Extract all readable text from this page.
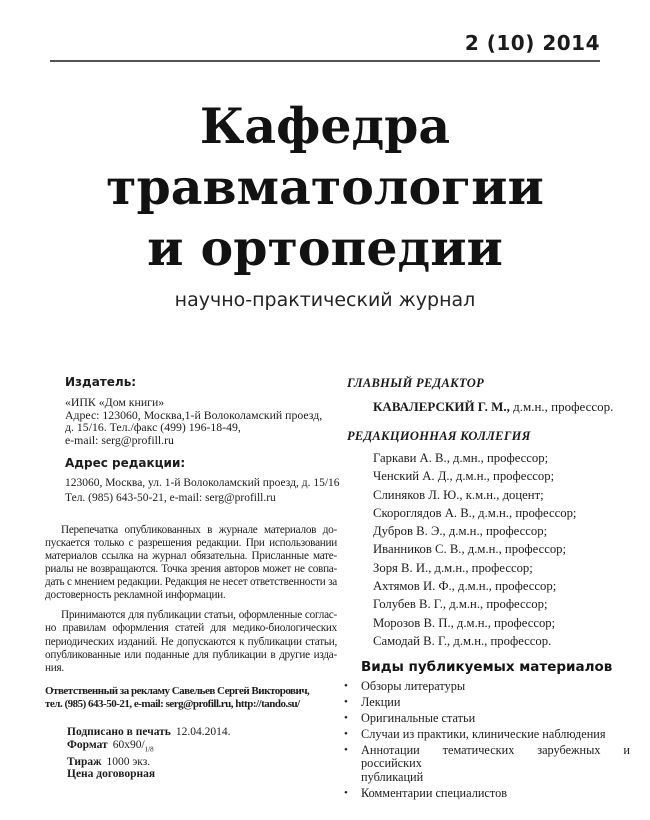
2 (10) 2014
Кафедра
травматологии
и ортопедии
научно-практический журнал
Издатель:
«ИПК «Дом книги»
Адрес: 123060, Москва,1-й Волоколамский проезд,
д. 15/16. Тел./факс (499) 196-18-49,
e-mail: serg@profill.ru
Адрес редакции:
123060, Москва, ул. 1-й Волоколамский проезд, д. 15/16
Тел. (985) 643-50-21, e-mail: serg@profill.ru
Перепечатка опубликованных в журнале материалов до-
пускается только с разрешения редакции. При использовании
материалов ссылка на журнал обязательна. Присланные мате-
риалы не возвращаются. Точка зрения авторов может не совпа-
дать с мнением редакции. Редакция не несет ответственности за
достоверность рекламной информации.
Принимаются для публикации статьи, оформленные соглас-
но правилам оформления статей для медико-биологических
периодических изданий. Не допускаются к публикации статьи,
опубликованные или поданные для публикации в другие изда-
ния.
Ответственный за рекламу Савельев Сергей Викторович,
тел. (985) 643-50-21, e-mail: serg@profill.ru, http://tando.su/
Подписано в печать 12.04.2014.
Формат $60х90/_{1/8}$
Тираж 1000 экз.
Цена договорная
ГЛАВНЫЙ РЕДАКТОР
КАВАЛЕРСКИЙ Г. М., д.м.н., профессор.
РЕДАКЦИОННАЯ КОЛЛЕГИЯ
Гаркави А. В., д.мн., профессор;
Ченский А. Д., д.м.н., профессор;
Слиняков Л. Ю., к.м.н., доцент;
Скороглядов А. В., д.м.н., профессор;
Дубров В. Э., д.м.н., профессор;
Иванников С. В., д.м.н., профессор;
Зоря В. И., д.м.н., профессор;
Ахтямов И. Ф., д.м.н., профессор;
Голубев В. Г., д.м.н., профессор;
Морозов В. П., д.м.н., профессор;
Самодай В. Г., д.м.н., профессор.
Виды публикуемых материалов
• Обзоры литературы
• Лекции
• Оригинальные статьи
• Случаи из практики, клинические наблюдения
• Аннотации тематических зарубежных и российских
публикаций
• Комментарии специалистов
